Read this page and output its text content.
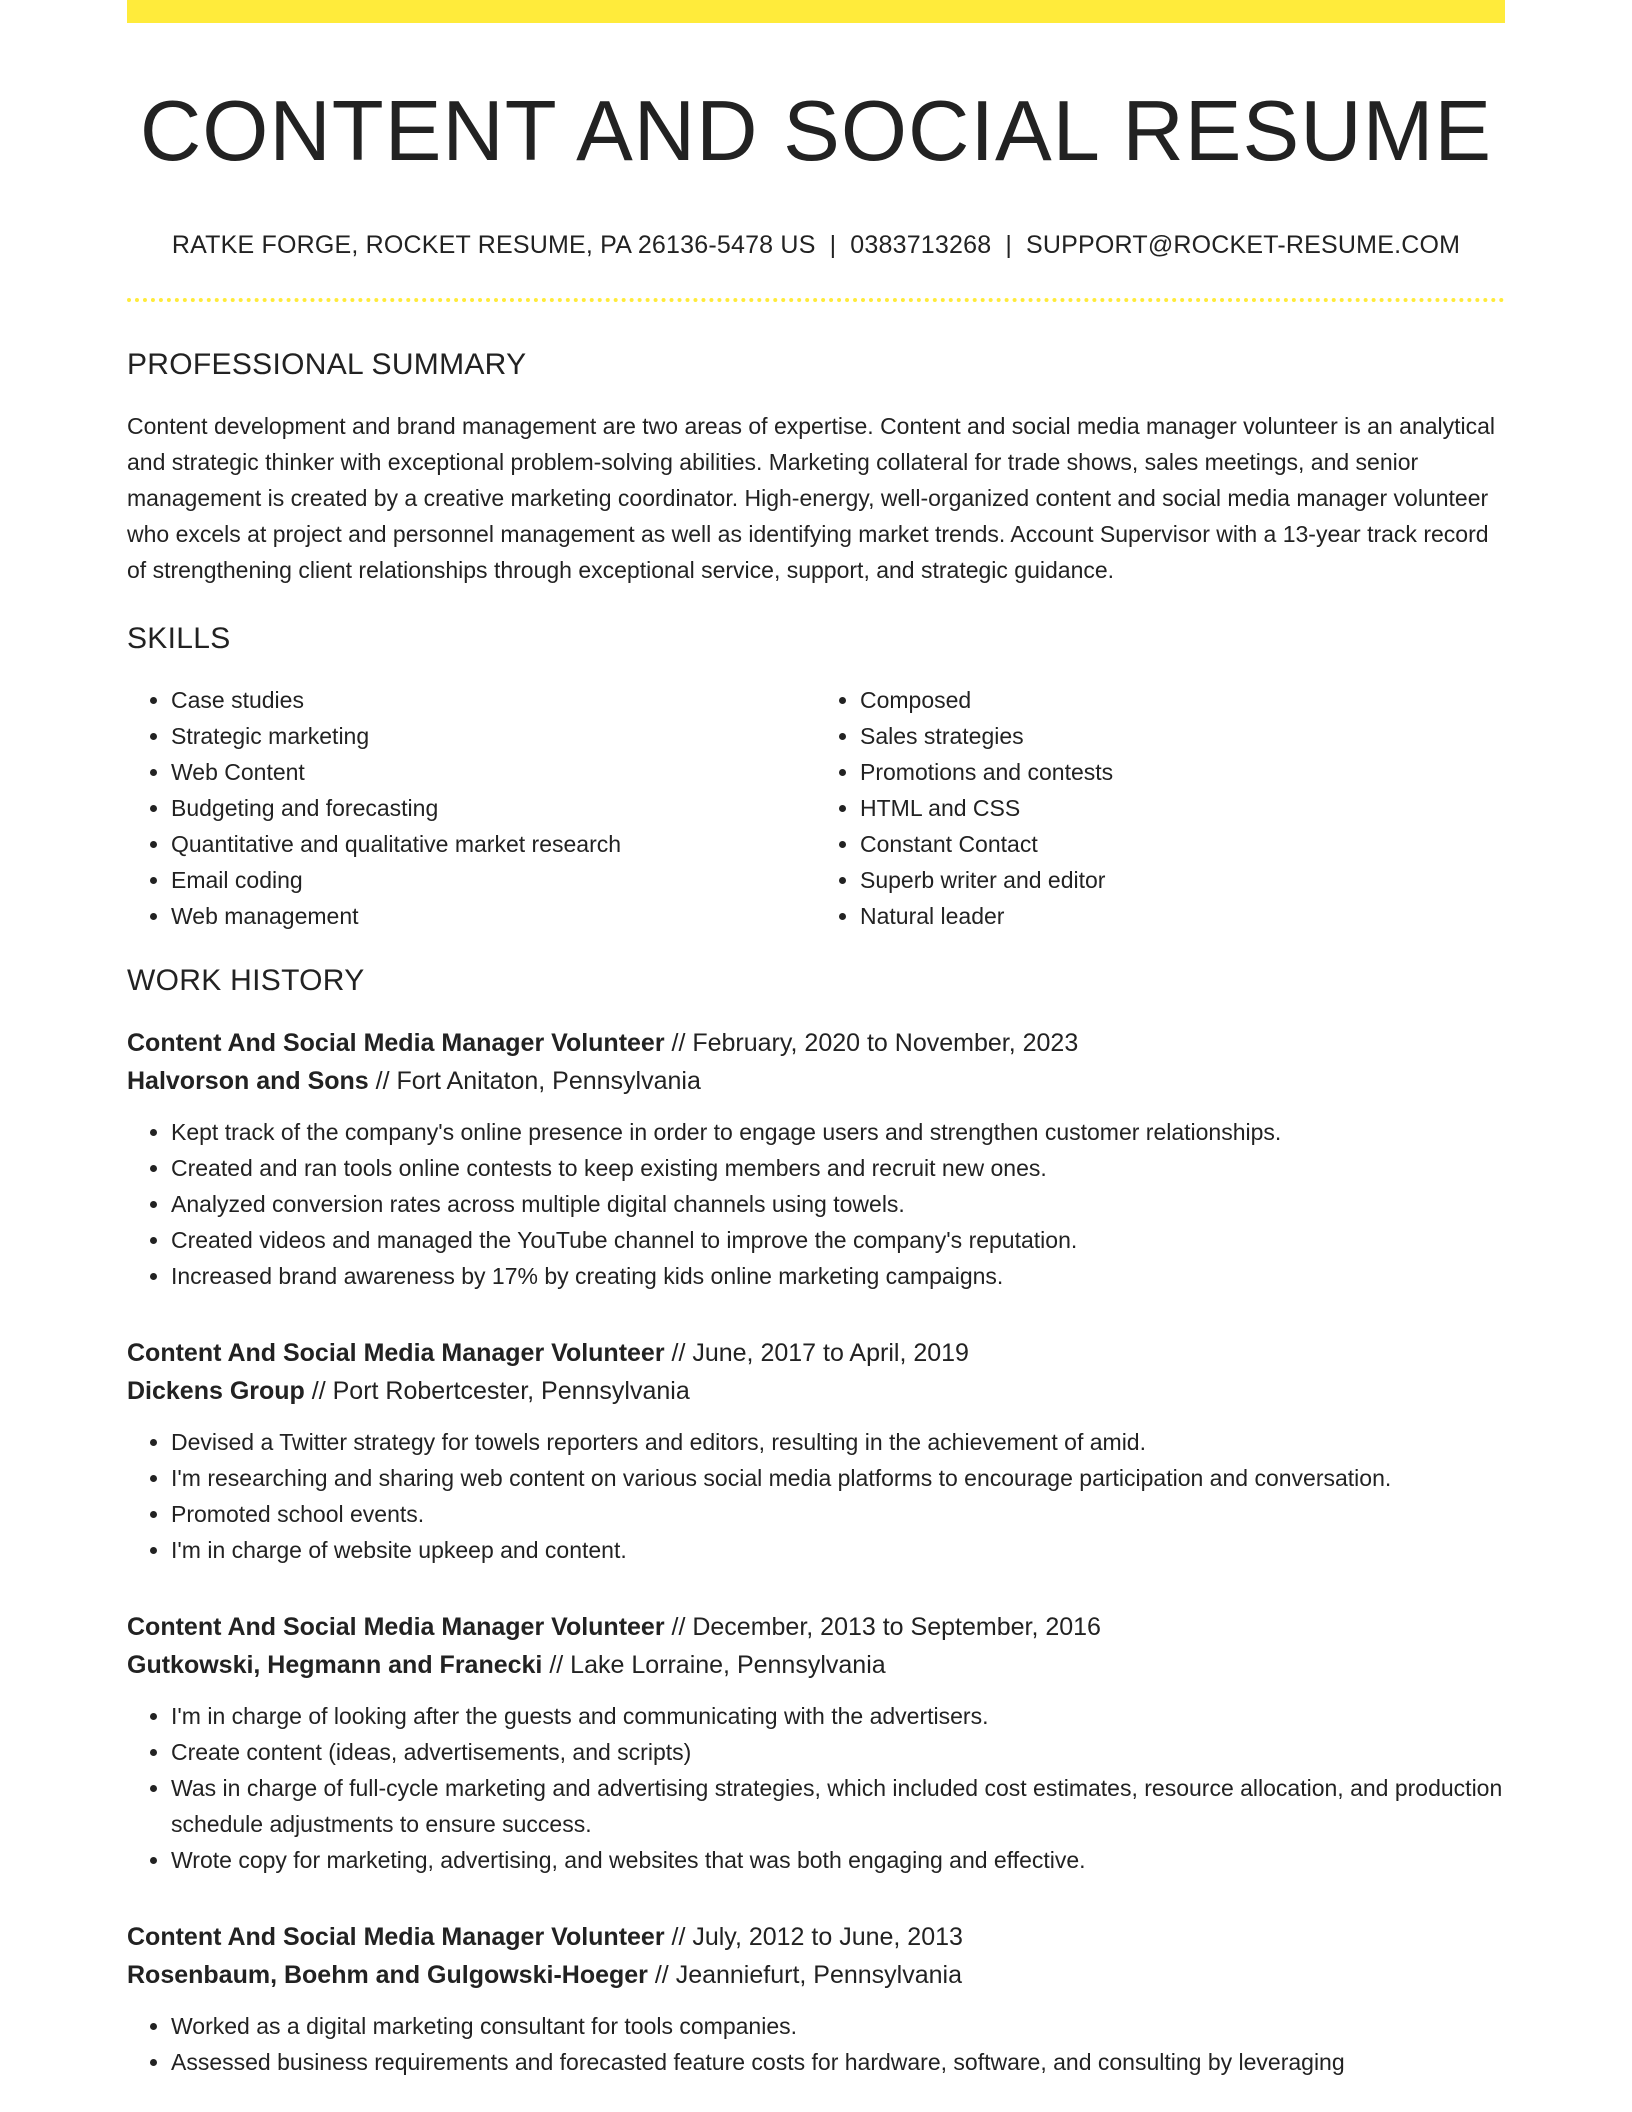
CONTENT AND SOCIAL RESUME
RATKE FORGE, ROCKET RESUME, PA 26136-5478 US | 0383713268 | SUPPORT@ROCKET-RESUME.COM
PROFESSIONAL SUMMARY

Content development and brand management are two areas of expertise. Content and social media manager volunteer is an analytical and strategic thinker with exceptional problem-solving abilities. Marketing collateral for trade shows, sales meetings, and senior management is created by a creative marketing coordinator. High-energy, well-organized content and social media manager volunteer who excels at project and personnel management as well as identifying market trends. Account Supervisor with a 13-year track record of strengthening client relationships through exceptional service, support, and strategic guidance.

SKILLS
• Case studies
• Strategic marketing
• Web Content
• Budgeting and forecasting
• Quantitative and qualitative market research
• Email coding
• Web management
• Composed
• Sales strategies
• Promotions and contests
• HTML and CSS
• Constant Contact
• Superb writer and editor
• Natural leader
WORK HISTORY
Content And Social Media Manager Volunteer // February, 2020 to November, 2023
Halvorson and Sons // Fort Anitaton, Pennsylvania
• Kept track of the company's online presence in order to engage users and strengthen customer relationships.
• Created and ran tools online contests to keep existing members and recruit new ones.
• Analyzed conversion rates across multiple digital channels using towels.
• Created videos and managed the YouTube channel to improve the company's reputation.
• Increased brand awareness by 17% by creating kids online marketing campaigns.
Content And Social Media Manager Volunteer // June, 2017 to April, 2019
Dickens Group // Port Robertcester, Pennsylvania
• Devised a Twitter strategy for towels reporters and editors, resulting in the achievement of amid.
• I'm researching and sharing web content on various social media platforms to encourage participation and conversation.
• Promoted school events.
• I'm in charge of website upkeep and content.
Content And Social Media Manager Volunteer // December, 2013 to September, 2016
Gutkowski, Hegmann and Franecki // Lake Lorraine, Pennsylvania
• I'm in charge of looking after the guests and communicating with the advertisers.
• Create content (ideas, advertisements, and scripts)
• Was in charge of full-cycle marketing and advertising strategies, which included cost estimates, resource allocation, and production schedule adjustments to ensure success.
• Wrote copy for marketing, advertising, and websites that was both engaging and effective.
Content And Social Media Manager Volunteer // July, 2012 to June, 2013
Rosenbaum, Boehm and Gulgowski-Hoeger // Jeanniefurt, Pennsylvania
• Worked as a digital marketing consultant for tools companies.
• Assessed business requirements and forecasted feature costs for hardware, software, and consulting by leveraging
